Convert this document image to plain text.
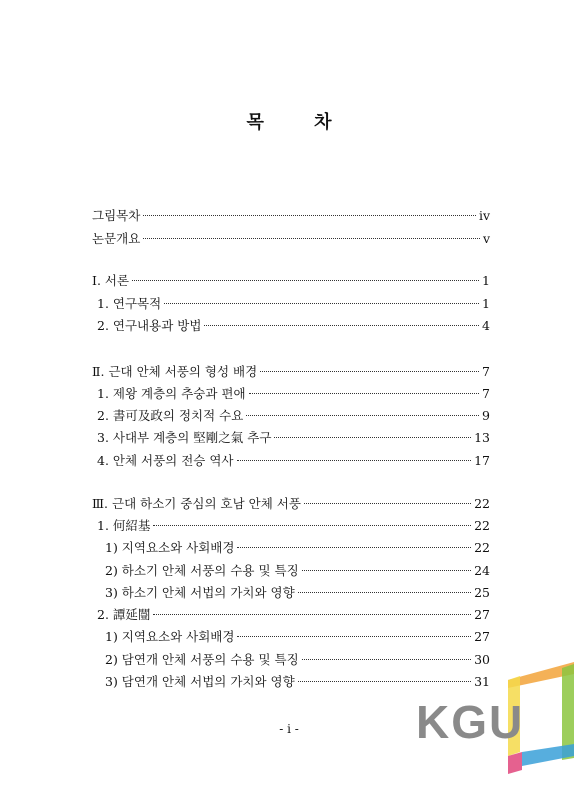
목 차
그림목차	ⅳ
논문개요	ⅴ
Ⅰ. 서론	1
1. 연구목적	1
2. 연구내용과 방법	4
Ⅱ. 근대 안체 서풍의 형성 배경	7
1. 제왕 계층의 추숭과 편애	7
2. 書可及政의 정치적 수요	9
3. 사대부 계층의 堅剛之氣 추구	13
4. 안체 서풍의 전승 역사	17
Ⅲ. 근대 하소기 중심의 호남 안체 서풍	22
1. 何紹基	22
1) 지역요소와 사회배경	22
2) 하소기 안체 서풍의 수용 및 특징	24
3) 하소기 안체 서법의 가치와 영향	25
2. 譚延闓	27
1) 지역요소와 사회배경	27
2) 담연개 안체 서풍의 수용 및 특징	30
3) 담연개 안체 서법의 가치와 영향	31
- i -	KGU
